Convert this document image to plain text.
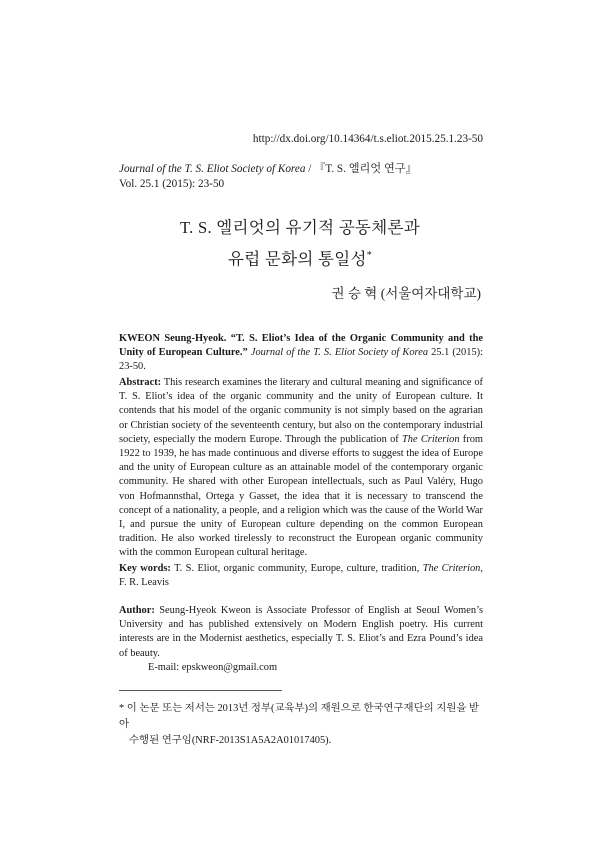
http://dx.doi.org/10.14364/t.s.eliot.2015.25.1.23-50
Journal of the T. S. Eliot Society of Korea / 『T. S. 엘리엇 연구』
Vol. 25.1 (2015): 23-50
T. S. 엘리엇의 유기적 공동체론과
유럽 문화의 통일성*
권 승 혁 (서울여자대학교)
KWEON Seung-Hyeok. “T. S. Eliot’s Idea of the Organic Community and the Unity of European Culture.” Journal of the T. S. Eliot Society of Korea 25.1 (2015): 23-50.
Abstract: This research examines the literary and cultural meaning and significance of T. S. Eliot’s idea of the organic community and the unity of European culture. It contends that his model of the organic community is not simply based on the agrarian or Christian society of the seventeenth century, but also on the contemporary industrial society, especially the modern Europe. Through the publication of The Criterion from 1922 to 1939, he has made continuous and diverse efforts to suggest the idea of Europe and the unity of European culture as an attainable model of the contemporary organic community. He shared with other European intellectuals, such as Paul Valéry, Hugo von Hofmannsthal, Ortega y Gasset, the idea that it is necessary to transcend the concept of a nationality, a people, and a religion which was the cause of the World War I, and pursue the unity of European culture depending on the common European tradition. He also worked tirelessly to reconstruct the European organic community with the common European cultural heritage.
Key words: T. S. Eliot, organic community, Europe, culture, tradition, The Criterion, F. R. Leavis
Author: Seung-Hyeok Kweon is Associate Professor of English at Seoul Women’s University and has published extensively on Modern English poetry. His current interests are in the Modernist aesthetics, especially T. S. Eliot’s and Ezra Pound’s idea of beauty.
E-mail: epskweon@gmail.com
* 이 논문 또는 저서는 2013년 정부(교육부)의 재원으로 한국연구재단의 지원을 받아
수행된 연구임(NRF-2013S1A5A2A01017405).
